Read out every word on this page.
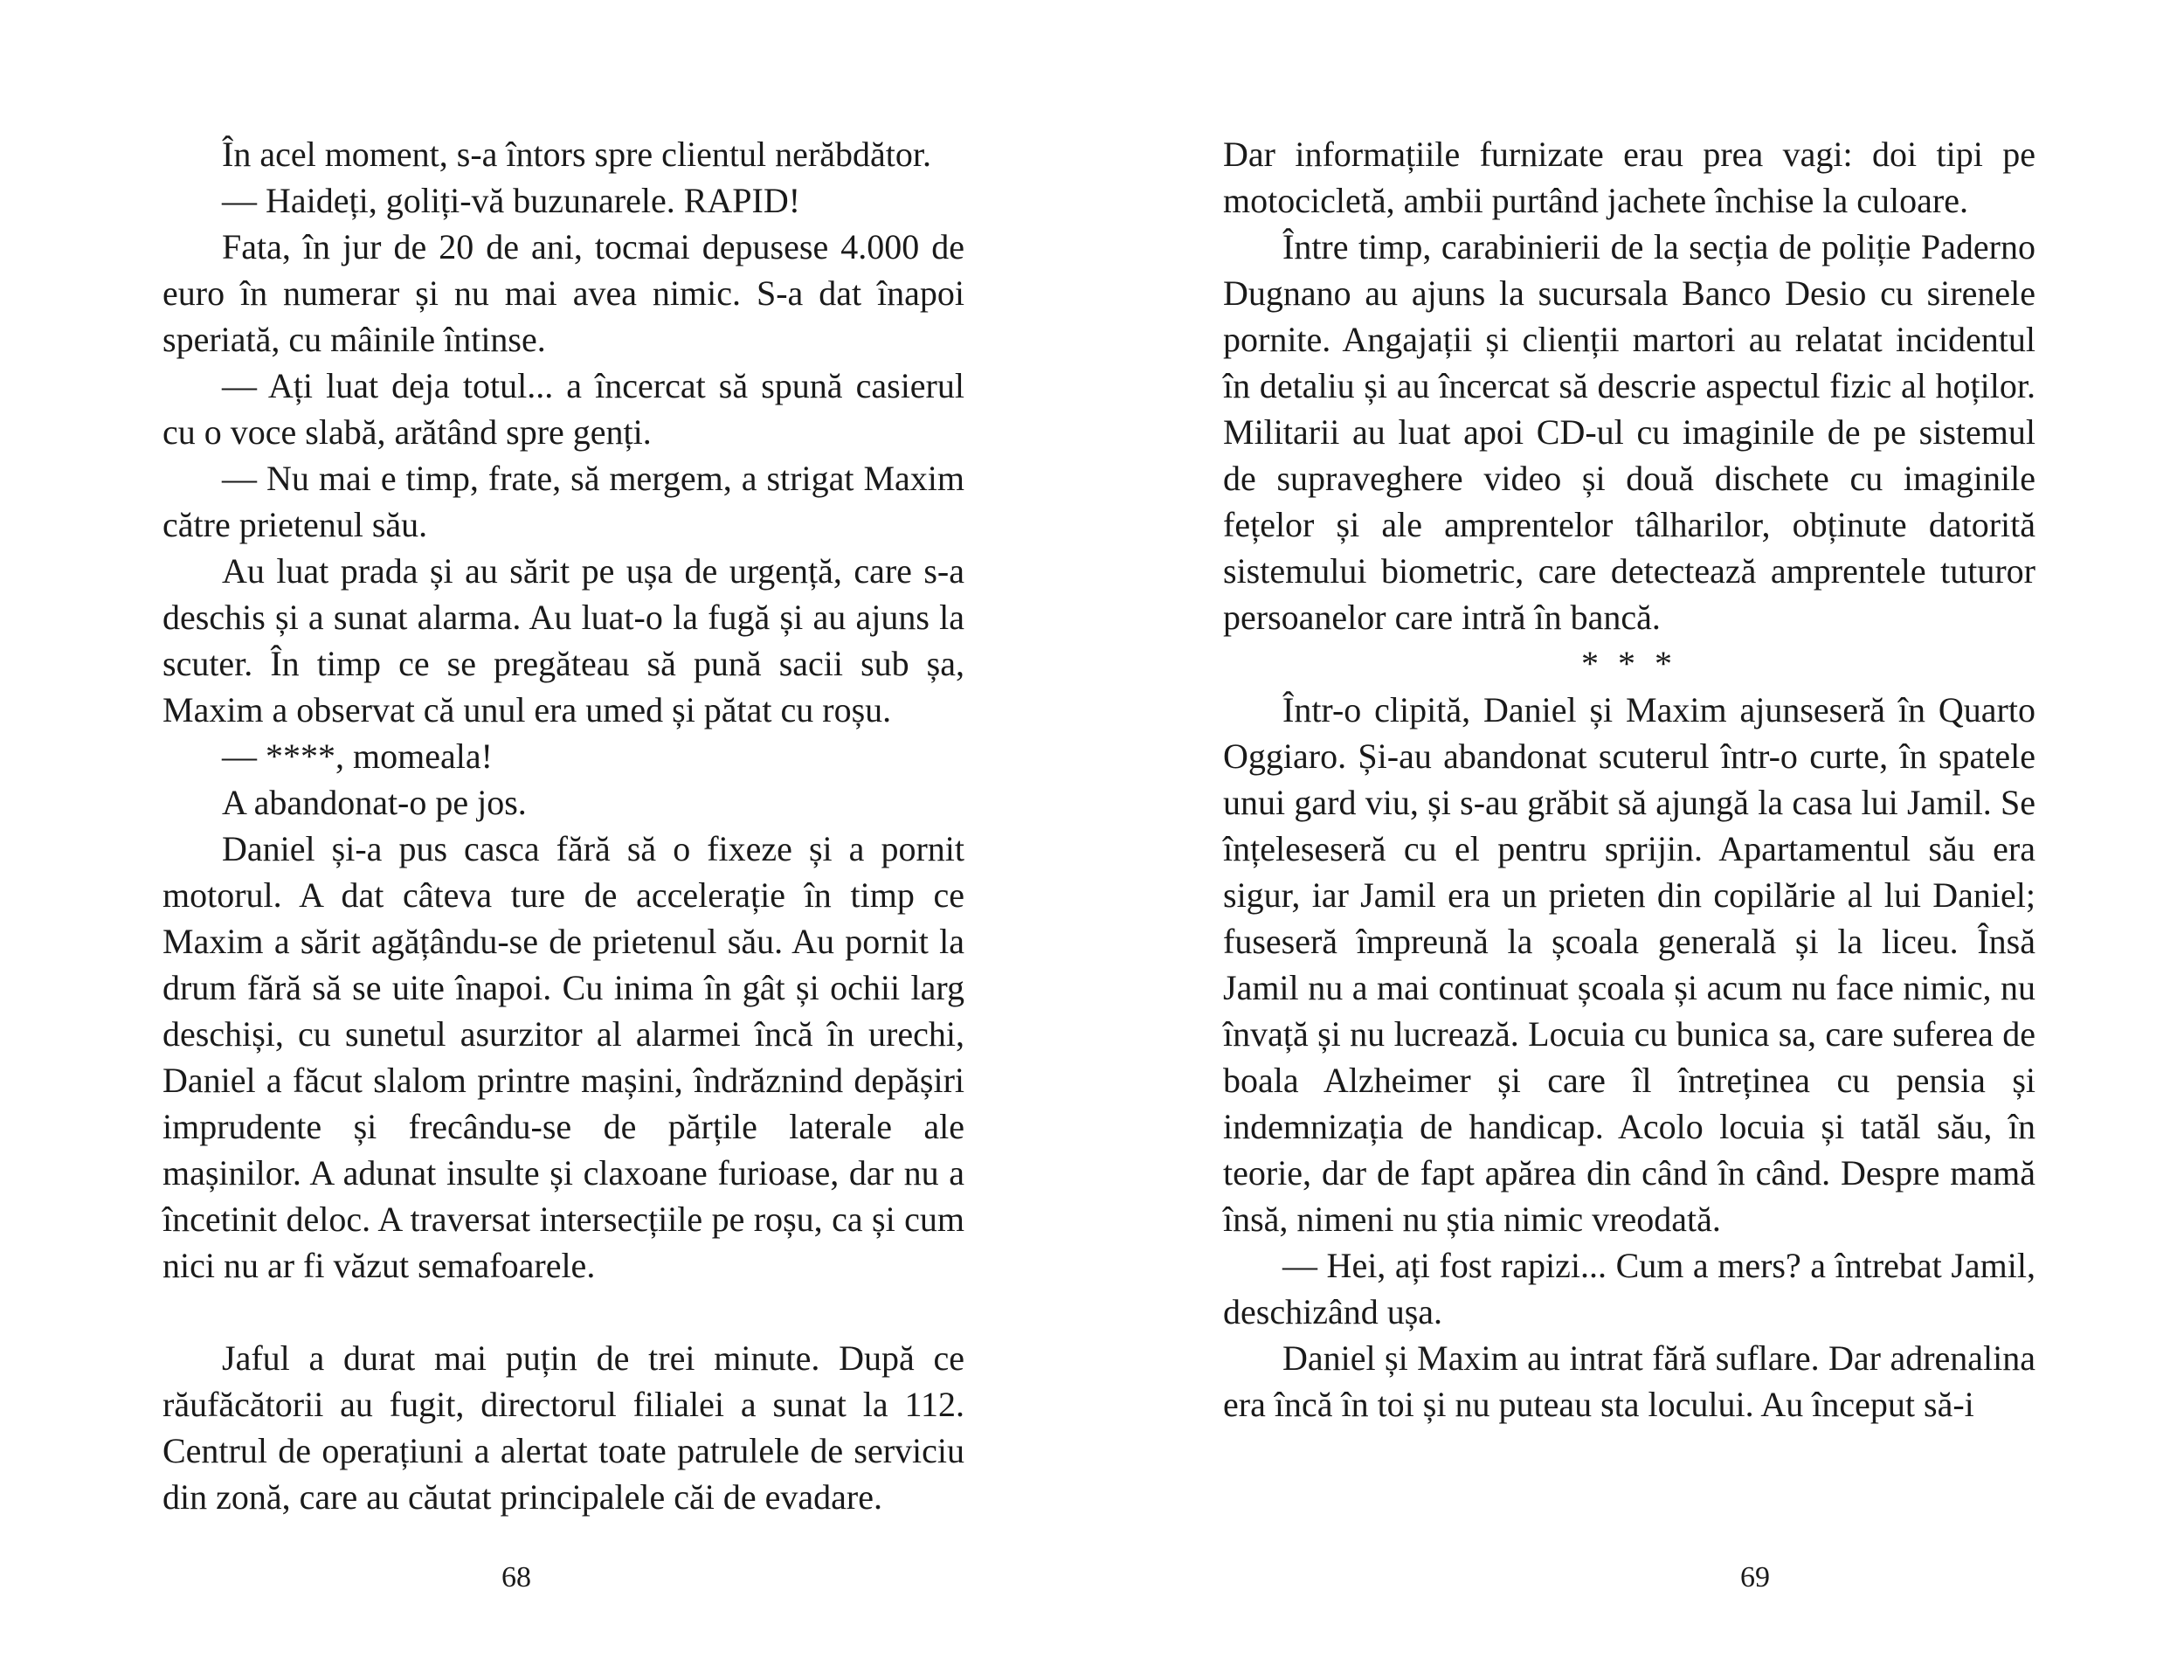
În acel moment, s-a întors spre clientul nerăbdător.

— Haideți, goliți-vă buzunarele. RAPID!

Fata, în jur de 20 de ani, tocmai depusese 4.000 de euro în numerar și nu mai avea nimic. S-a dat înapoi speriată, cu mâinile întinse.

— Ați luat deja totul... a încercat să spună casierul cu o voce slabă, arătând spre genți.

— Nu mai e timp, frate, să mergem, a strigat Maxim către prietenul său.

Au luat prada și au sărit pe ușa de urgență, care s-a deschis și a sunat alarma. Au luat-o la fugă și au ajuns la scuter. În timp ce se pregăteau să pună sacii sub șa, Maxim a observat că unul era umed și pătat cu roșu.

— ****, momeala!

A abandonat-o pe jos.

Daniel și-a pus casca fără să o fixeze și a pornit motorul. A dat câteva ture de accelerație în timp ce Maxim a sărit agățându-se de prietenul său. Au pornit la drum fără să se uite înapoi. Cu inima în gât și ochii larg deschiși, cu sunetul asurzitor al alarmei încă în urechi, Daniel a făcut slalom printre mașini, îndrăznind depășiri imprudente și frecându-se de părțile laterale ale mașinilor. A adunat insulte și claxoane furioase, dar nu a încetinit deloc. A traversat intersecțiile pe roșu, ca și cum nici nu ar fi văzut semafoarele.

Jaful a durat mai puțin de trei minute. După ce răufăcătorii au fugit, directorul filialei a sunat la 112. Centrul de operațiuni a alertat toate patrulele de serviciu din zonă, care au căutat principalele căi de evadare.

68

Dar informațiile furnizate erau prea vagi: doi tipi pe motocicletă, ambii purtând jachete închise la culoare.

Între timp, carabinierii de la secția de poliție Paderno Dugnano au ajuns la sucursala Banco Desio cu sirenele pornite. Angajații și clienții martori au relatat incidentul în detaliu și au încercat să descrie aspectul fizic al hoților. Militarii au luat apoi CD-ul cu imaginile de pe sistemul de supraveghere video și două dischete cu imaginile fețelor și ale amprentelor tâlharilor, obținute datorită sistemului biometric, care detectează amprentele tuturor persoanelor care intră în bancă.

* * *

Într-o clipită, Daniel și Maxim ajunseseră în Quarto Oggiaro. Și-au abandonat scuterul într-o curte, în spatele unui gard viu, și s-au grăbit să ajungă la casa lui Jamil. Se înțeleseseră cu el pentru sprijin. Apartamentul său era sigur, iar Jamil era un prieten din copilărie al lui Daniel; fuseseră împreună la școala generală și la liceu. Însă Jamil nu a mai continuat școala și acum nu face nimic, nu învață și nu lucrează. Locuia cu bunica sa, care suferea de boala Alzheimer și care îl întreținea cu pensia și indemnizația de handicap. Acolo locuia și tatăl său, în teorie, dar de fapt apărea din când în când. Despre mamă însă, nimeni nu știa nimic vreodată.

— Hei, ați fost rapizi... Cum a mers? a întrebat Jamil, deschizând ușa.

Daniel și Maxim au intrat fără suflare. Dar adrenalina era încă în toi și nu puteau sta locului. Au început să-i

69
